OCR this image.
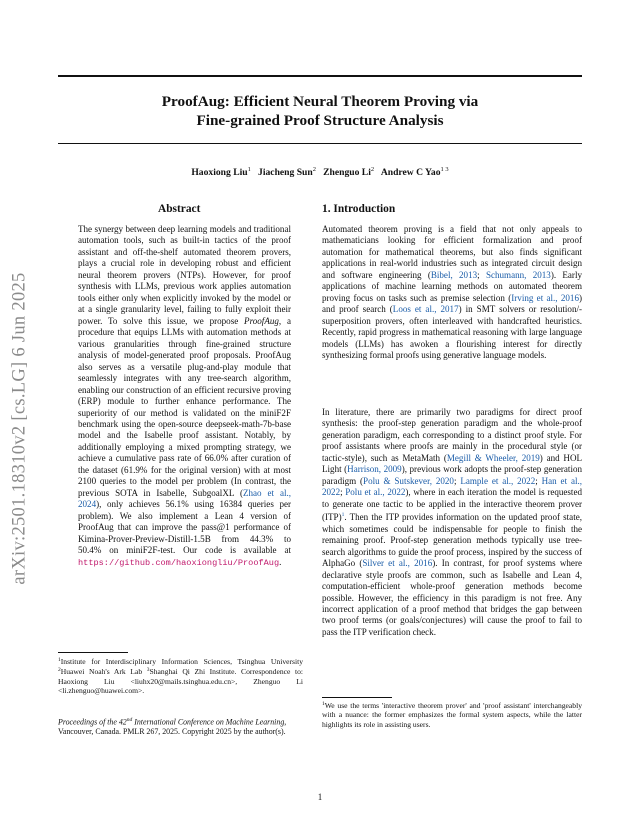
ProofAug: Efficient Neural Theorem Proving via
Fine-grained Proof Structure Analysis
Haoxiong Liu$^1$ Jiacheng Sun$^2$ Zhenguo Li$^2$ Andrew C Yao$^{1 3}$
arXiv:2501.18310v2 [cs.LG] 6 Jun 2025
Abstract
The synergy between deep learning models and traditional automation tools, such as built-in tactics of the proof assistant and off-the-shelf automated theorem provers, plays a crucial role in developing robust and efficient neural theorem provers (NTPs). However, for proof synthesis with LLMs, previous work applies automation tools either only when explicitly invoked by the model or at a single granularity level, failing to fully exploit their power. To solve this issue, we propose ProofAug, a procedure that equips LLMs with automation methods at various granularities through fine-grained structure analysis of model-generated proof proposals. ProofAug also serves as a versatile plug-and-play module that seamlessly integrates with any tree-search algorithm, enabling our construction of an efficient recursive proving (ERP) module to further enhance performance. The superiority of our method is validated on the miniF2F benchmark using the open-source deepseek-math-7b-base model and the Isabelle proof assistant. Notably, by additionally employing a mixed prompting strategy, we achieve a cumulative pass rate of 66.0% after curation of the dataset (61.9% for the original version) with at most 2100 queries to the model per problem (In contrast, the previous SOTA in Isabelle, SubgoalXL (Zhao et al., 2024), only achieves 56.1% using 16384 queries per problem). We also implement a Lean 4 version of ProofAug that can improve the pass@1 performance of Kimina-Prover-Preview-Distill-1.5B from 44.3% to 50.4% on miniF2F-test. Our code is available at https://github.com/haoxiongliu/ProofAug.
$^1$Institute for Interdisciplinary Information Sciences, Tsinghua University $^2$Huawei Noah's Ark Lab $^3$Shanghai Qi Zhi Institute. Correspondence to: Haoxiong Liu <liuhx20@mails.tsinghua.edu.cn>, Zhenguo Li <li.zhenguo@huawei.com>.
Proceedings of the 42nd International Conference on Machine Learning, Vancouver, Canada. PMLR 267, 2025. Copyright 2025 by the author(s).
1. Introduction
Automated theorem proving is a field that not only appeals to mathematicians looking for efficient formalization and proof automation for mathematical theorems, but also finds significant applications in real-world industries such as integrated circuit design and software engineering (Bibel, 2013; Schumann, 2013). Early applications of machine learning methods on automated theorem proving focus on tasks such as premise selection (Irving et al., 2016) and proof search (Loos et al., 2017) in SMT solvers or resolution/-superposition provers, often interleaved with handcrafted heuristics. Recently, rapid progress in mathematical reasoning with large language models (LLMs) has awoken a flourishing interest for directly synthesizing formal proofs using generative language models.
In literature, there are primarily two paradigms for direct proof synthesis: the proof-step generation paradigm and the whole-proof generation paradigm, each corresponding to a distinct proof style. For proof assistants where proofs are mainly in the procedural style (or tactic-style), such as MetaMath (Megill & Wheeler, 2019) and HOL Light (Harrison, 2009), previous work adopts the proof-step generation paradigm (Polu & Sutskever, 2020; Lample et al., 2022; Han et al., 2022; Polu et al., 2022), where in each iteration the model is requested to generate one tactic to be applied in the interactive theorem prover (ITP)$^1$. Then the ITP provides information on the updated proof state, which sometimes could be indispensable for people to finish the remaining proof. Proof-step generation methods typically use tree-search algorithms to guide the proof process, inspired by the success of AlphaGo (Silver et al., 2016). In contrast, for proof systems where declarative style proofs are common, such as Isabelle and Lean 4, computation-efficient whole-proof generation methods become possible. However, the efficiency in this paradigm is not free. Any incorrect application of a proof method that bridges the gap between two proof terms (or goals/conjectures) will cause the proof to fail to pass the ITP verification check.
$^1$We use the terms 'interactive theorem prover' and 'proof assistant' interchangeably with a nuance: the former emphasizes the formal system aspects, while the latter highlights its role in assisting users.
1
